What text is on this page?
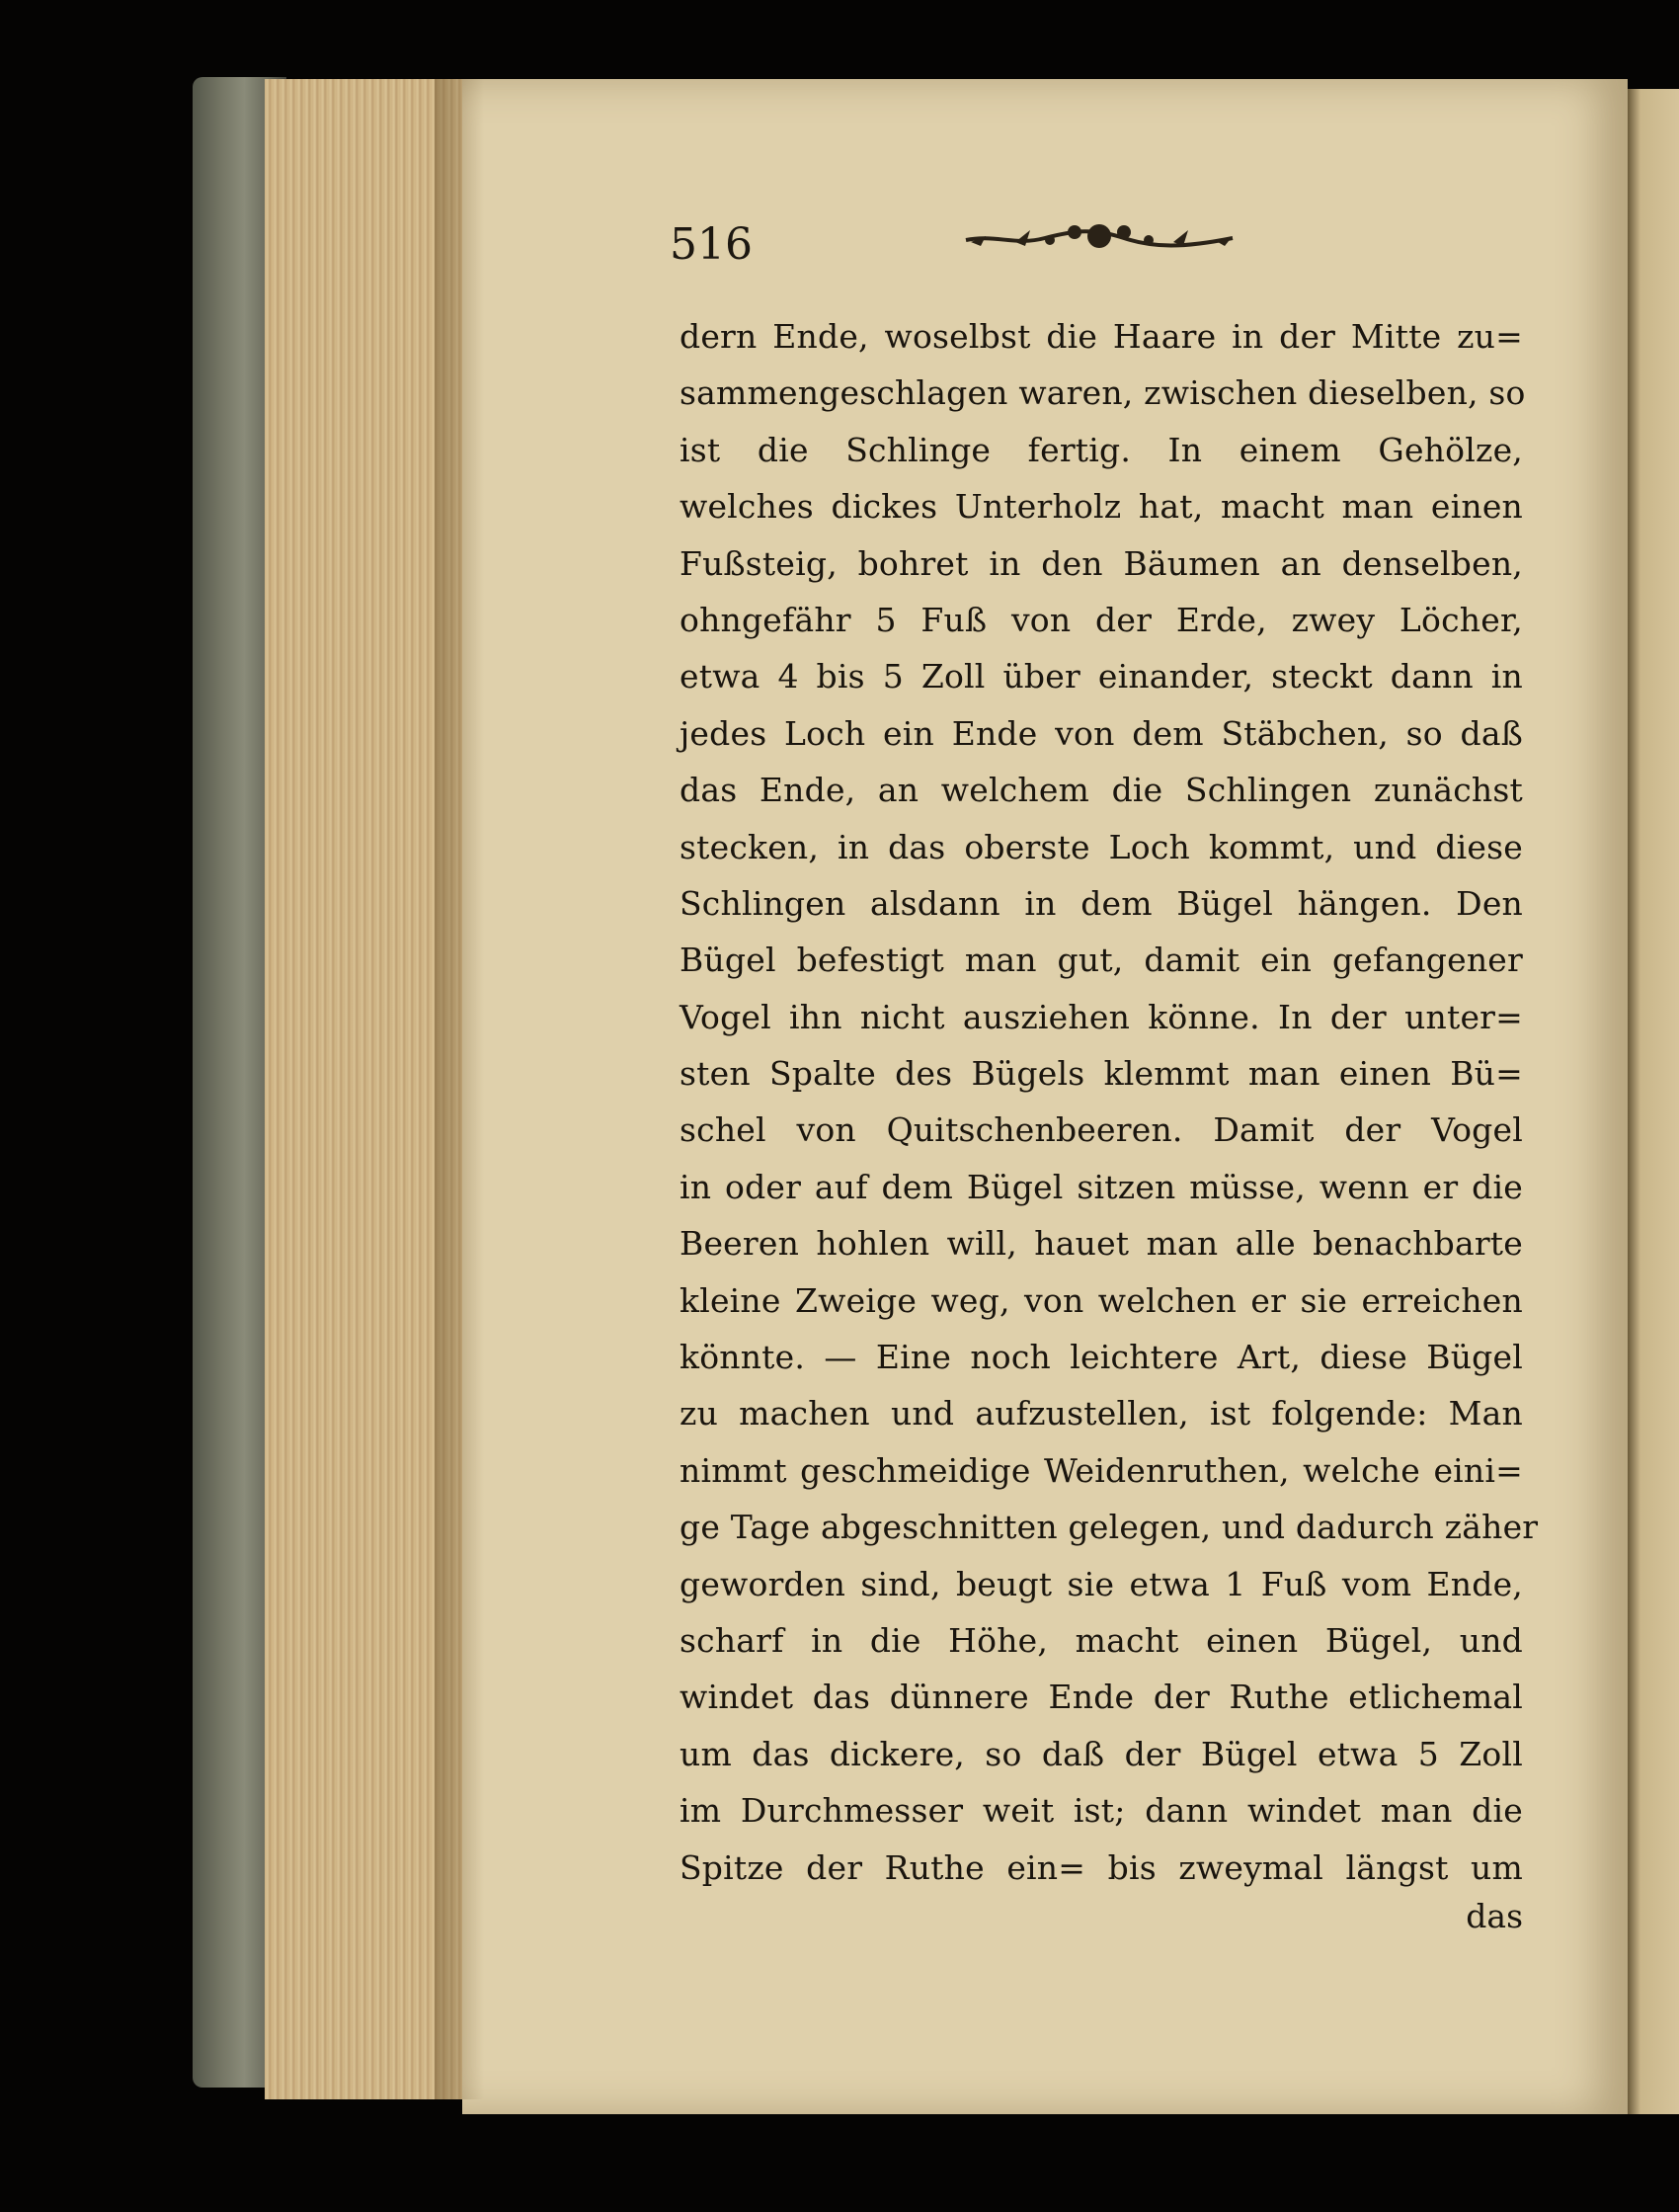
516
dern Ende, woselbst die Haare in der Mitte zu=
sammengeschlagen waren, zwischen dieselben, so
ist die Schlinge fertig. In einem Gehölze,
welches dickes Unterholz hat, macht man einen
Fußsteig, bohret in den Bäumen an denselben,
ohngefähr 5 Fuß von der Erde, zwey Löcher,
etwa 4 bis 5 Zoll über einander, steckt dann in
jedes Loch ein Ende von dem Stäbchen, so daß
das Ende, an welchem die Schlingen zunächst
stecken, in das oberste Loch kommt, und diese
Schlingen alsdann in dem Bügel hängen. Den
Bügel befestigt man gut, damit ein gefangener
Vogel ihn nicht ausziehen könne. In der unter=
sten Spalte des Bügels klemmt man einen Bü=
schel von Quitschenbeeren. Damit der Vogel
in oder auf dem Bügel sitzen müsse, wenn er die
Beeren hohlen will, hauet man alle benachbarte
kleine Zweige weg, von welchen er sie erreichen
könnte. — Eine noch leichtere Art, diese Bügel
zu machen und aufzustellen, ist folgende: Man
nimmt geschmeidige Weidenruthen, welche eini=
ge Tage abgeschnitten gelegen, und dadurch zäher
geworden sind, beugt sie etwa 1 Fuß vom Ende,
scharf in die Höhe, macht einen Bügel, und
windet das dünnere Ende der Ruthe etlichemal
um das dickere, so daß der Bügel etwa 5 Zoll
im Durchmesser weit ist; dann windet man die
Spitze der Ruthe ein= bis zweymal längst um
das
